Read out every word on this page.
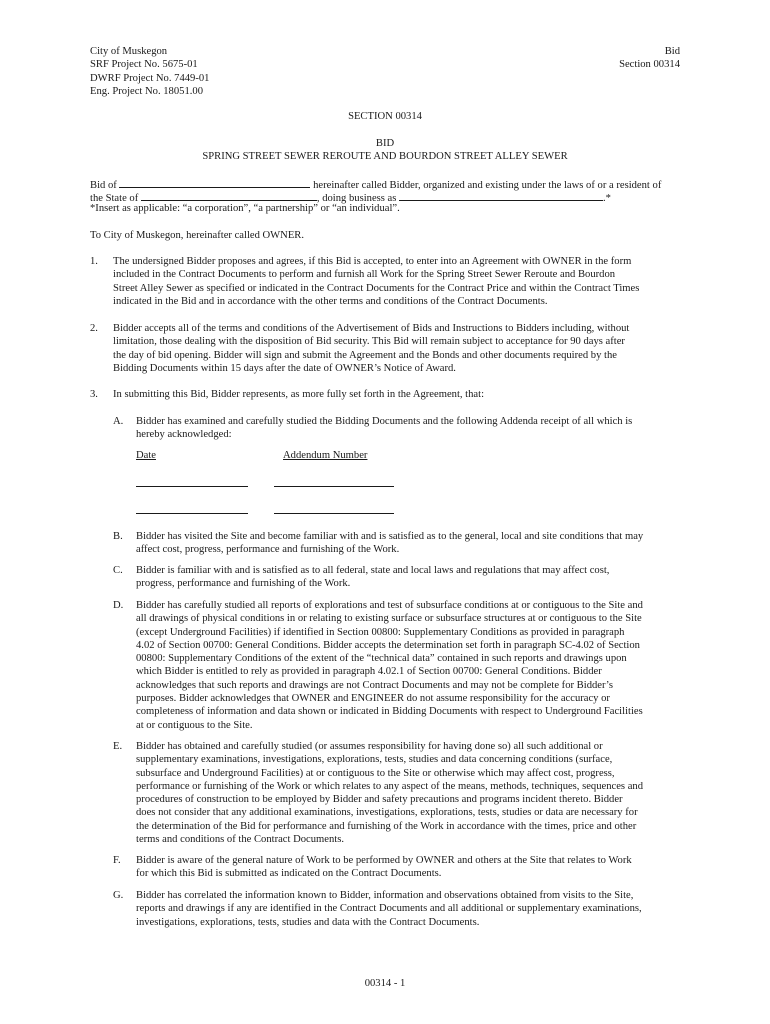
City of Muskegon
SRF Project No. 5675-01
DWRF Project No. 7449-01
Eng. Project No. 18051.00
Bid
Section 00314
SECTION 00314
BID
SPRING STREET SEWER REROUTE AND BOURDON STREET ALLEY SEWER
Bid of	hereinafter called Bidder, organized and existing under the laws of or a resident of
the State of	, doing business as	.*
*Insert as applicable: “a corporation”, “a partnership” or “an individual”.
To City of Muskegon, hereinafter called OWNER.
1. The undersigned Bidder proposes and agrees, if this Bid is accepted, to enter into an Agreement with OWNER in the form
included in the Contract Documents to perform and furnish all Work for the Spring Street Sewer Reroute and Bourdon
Street Alley Sewer as specified or indicated in the Contract Documents for the Contract Price and within the Contract Times
indicated in the Bid and in accordance with the other terms and conditions of the Contract Documents.
2. Bidder accepts all of the terms and conditions of the Advertisement of Bids and Instructions to Bidders including, without
limitation, those dealing with the disposition of Bid security. This Bid will remain subject to acceptance for 90 days after
the day of bid opening. Bidder will sign and submit the Agreement and the Bonds and other documents required by the
Bidding Documents within 15 days after the date of OWNER’s Notice of Award.
3. In submitting this Bid, Bidder represents, as more fully set forth in the Agreement, that:
A. Bidder has examined and carefully studied the Bidding Documents and the following Addenda receipt of all which is
hereby acknowledged:
Date	Addendum Number
B. Bidder has visited the Site and become familiar with and is satisfied as to the general, local and site conditions that may
affect cost, progress, performance and furnishing of the Work.
C. Bidder is familiar with and is satisfied as to all federal, state and local laws and regulations that may affect cost,
progress, performance and furnishing of the Work.
D. Bidder has carefully studied all reports of explorations and test of subsurface conditions at or contiguous to the Site and
all drawings of physical conditions in or relating to existing surface or subsurface structures at or contiguous to the Site
(except Underground Facilities) if identified in Section 00800: Supplementary Conditions as provided in paragraph
4.02 of Section 00700: General Conditions. Bidder accepts the determination set forth in paragraph SC-4.02 of Section
00800: Supplementary Conditions of the extent of the “technical data” contained in such reports and drawings upon
which Bidder is entitled to rely as provided in paragraph 4.02.1 of Section 00700: General Conditions. Bidder
acknowledges that such reports and drawings are not Contract Documents and may not be complete for Bidder’s
purposes. Bidder acknowledges that OWNER and ENGINEER do not assume responsibility for the accuracy or
completeness of information and data shown or indicated in Bidding Documents with respect to Underground Facilities
at or contiguous to the Site.
E. Bidder has obtained and carefully studied (or assumes responsibility for having done so) all such additional or
supplementary examinations, investigations, explorations, tests, studies and data concerning conditions (surface,
subsurface and Underground Facilities) at or contiguous to the Site or otherwise which may affect cost, progress,
performance or furnishing of the Work or which relates to any aspect of the means, methods, techniques, sequences and
procedures of construction to be employed by Bidder and safety precautions and programs incident thereto. Bidder
does not consider that any additional examinations, investigations, explorations, tests, studies or data are necessary for
the determination of the Bid for performance and furnishing of the Work in accordance with the times, price and other
terms and conditions of the Contract Documents.
F. Bidder is aware of the general nature of Work to be performed by OWNER and others at the Site that relates to Work
for which this Bid is submitted as indicated on the Contract Documents.
G. Bidder has correlated the information known to Bidder, information and observations obtained from visits to the Site,
reports and drawings if any are identified in the Contract Documents and all additional or supplementary examinations,
investigations, explorations, tests, studies and data with the Contract Documents.
00314 - 1
